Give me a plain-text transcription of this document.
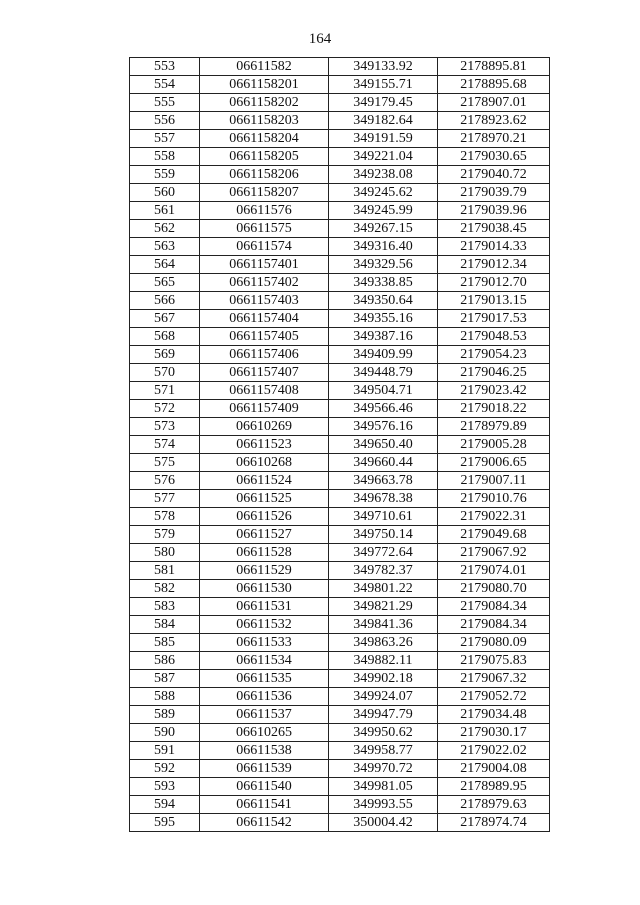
164
553	06611582	349133.92	2178895.81
554	0661158201	349155.71	2178895.68
555	0661158202	349179.45	2178907.01
556	0661158203	349182.64	2178923.62
557	0661158204	349191.59	2178970.21
558	0661158205	349221.04	2179030.65
559	0661158206	349238.08	2179040.72
560	0661158207	349245.62	2179039.79
561	06611576	349245.99	2179039.96
562	06611575	349267.15	2179038.45
563	06611574	349316.40	2179014.33
564	0661157401	349329.56	2179012.34
565	0661157402	349338.85	2179012.70
566	0661157403	349350.64	2179013.15
567	0661157404	349355.16	2179017.53
568	0661157405	349387.16	2179048.53
569	0661157406	349409.99	2179054.23
570	0661157407	349448.79	2179046.25
571	0661157408	349504.71	2179023.42
572	0661157409	349566.46	2179018.22
573	06610269	349576.16	2178979.89
574	06611523	349650.40	2179005.28
575	06610268	349660.44	2179006.65
576	06611524	349663.78	2179007.11
577	06611525	349678.38	2179010.76
578	06611526	349710.61	2179022.31
579	06611527	349750.14	2179049.68
580	06611528	349772.64	2179067.92
581	06611529	349782.37	2179074.01
582	06611530	349801.22	2179080.70
583	06611531	349821.29	2179084.34
584	06611532	349841.36	2179084.34
585	06611533	349863.26	2179080.09
586	06611534	349882.11	2179075.83
587	06611535	349902.18	2179067.32
588	06611536	349924.07	2179052.72
589	06611537	349947.79	2179034.48
590	06610265	349950.62	2179030.17
591	06611538	349958.77	2179022.02
592	06611539	349970.72	2179004.08
593	06611540	349981.05	2178989.95
594	06611541	349993.55	2178979.63
595	06611542	350004.42	2178974.74
